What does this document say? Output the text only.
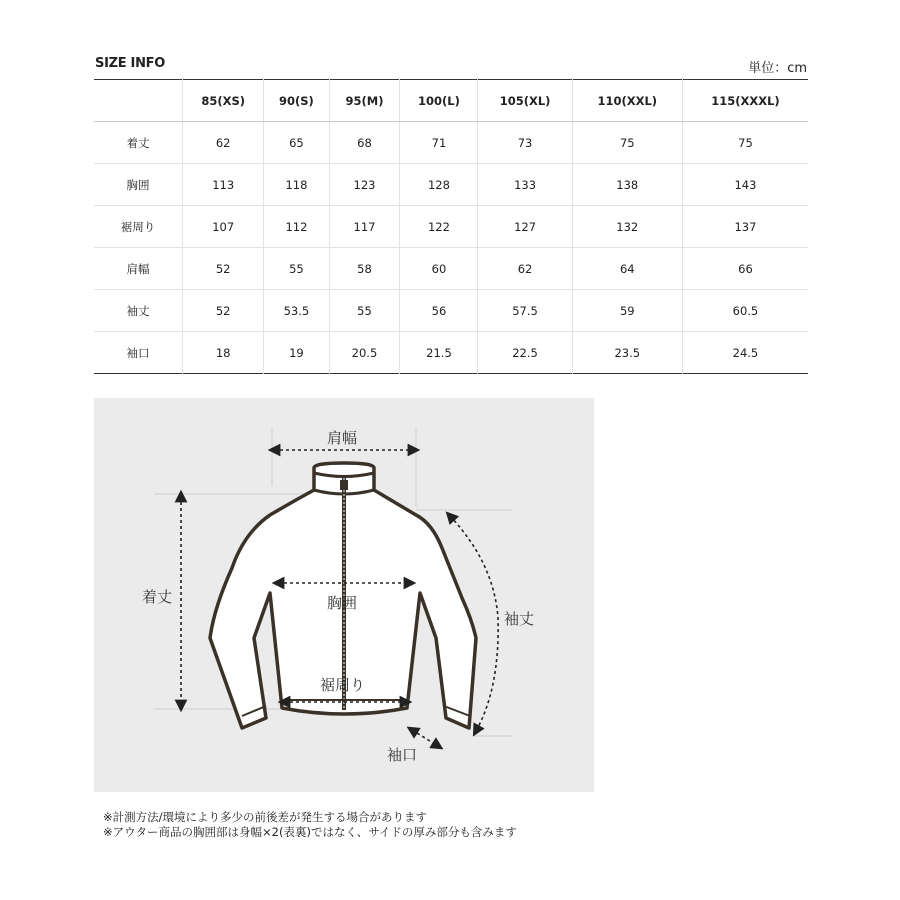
SIZE INFO	単位：cm
	85(XS)	90(S)	95(M)	100(L)	105(XL)	110(XXL)	115(XXXL)
着丈	62	65	68	71	73	75	75
胸囲	113	118	123	128	133	138	143
裾周り	107	112	117	122	127	132	137
肩幅	52	55	58	60	62	64	66
袖丈	52	53.5	55	56	57.5	59	60.5
袖口	18	19	20.5	21.5	22.5	23.5	24.5
肩幅
着丈	胸囲
袖丈
裾周り
袖口
※計測方法/環境により多少の前後差が発生する場合があります
※アウター商品の胸囲部は身幅×2(表裏)ではなく、サイドの厚み部分も含みます
